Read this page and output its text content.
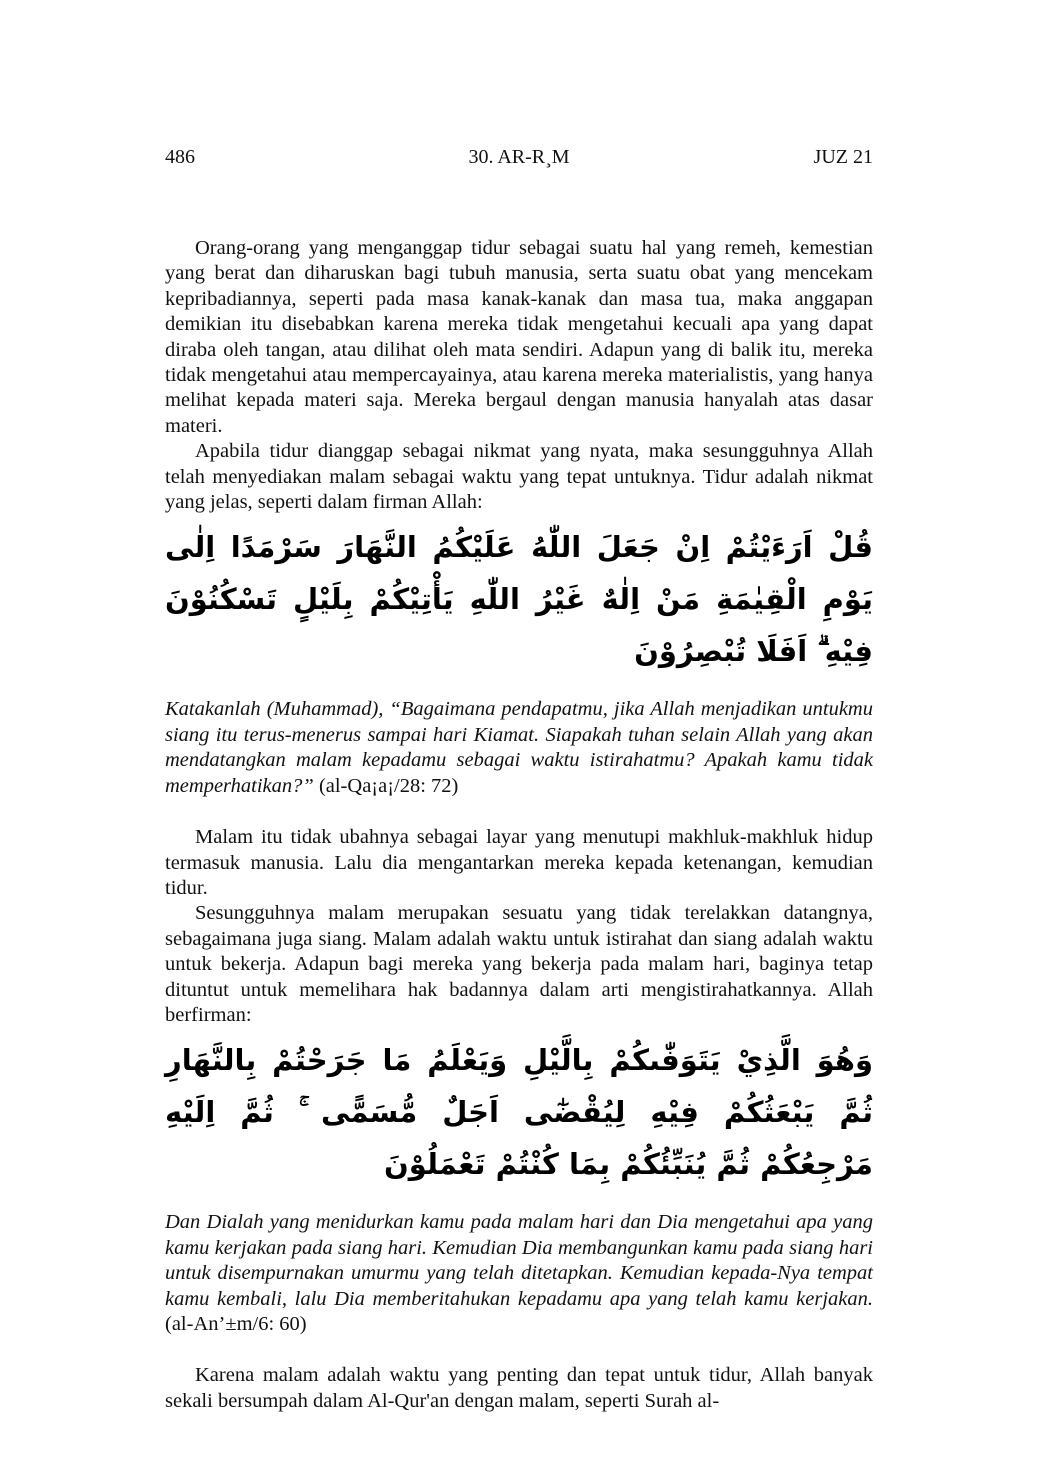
486	30. AR-R¸M	JUZ 21

Orang-orang yang menganggap tidur sebagai suatu hal yang remeh, kemestian yang berat dan diharuskan bagi tubuh manusia, serta suatu obat yang mencekam kepribadiannya, seperti pada masa kanak-kanak dan masa tua, maka anggapan demikian itu disebabkan karena mereka tidak mengetahui kecuali apa yang dapat diraba oleh tangan, atau dilihat oleh mata sendiri. Adapun yang di balik itu, mereka tidak mengetahui atau mempercayainya, atau karena mereka materialistis, yang hanya melihat kepada materi saja. Mereka bergaul dengan manusia hanyalah atas dasar materi.

Apabila tidur dianggap sebagai nikmat yang nyata, maka sesungguhnya Allah telah menyediakan malam sebagai waktu yang tepat untuknya. Tidur adalah nikmat yang jelas, seperti dalam firman Allah:

قُلْ اَرَءَيْتُمْ اِنْ جَعَلَ اللّٰهُ عَلَيْكُمُ النَّهَارَ سَرْمَدًا اِلٰى يَوْمِ الْقِيٰمَةِ مَنْ اِلٰهٌ غَيْرُ اللّٰهِ يَأْتِيْكُمْ بِلَيْلٍ تَسْكُنُوْنَ فِيْهِ ۗ اَفَلَا تُبْصِرُوْنَ

Katakanlah (Muhammad), “Bagaimana pendapatmu, jika Allah menjadikan untukmu siang itu terus-menerus sampai hari Kiamat. Siapakah tuhan selain Allah yang akan mendatangkan malam kepadamu sebagai waktu istirahatmu? Apakah kamu tidak memperhatikan?” (al-Qa¡a¡/28: 72)

Malam itu tidak ubahnya sebagai layar yang menutupi makhluk-makhluk hidup termasuk manusia. Lalu dia mengantarkan mereka kepada ketenangan, kemudian tidur.

Sesungguhnya malam merupakan sesuatu yang tidak terelakkan datangnya, sebagaimana juga siang. Malam adalah waktu untuk istirahat dan siang adalah waktu untuk bekerja. Adapun bagi mereka yang bekerja pada malam hari, baginya tetap dituntut untuk memelihara hak badannya dalam arti mengistirahatkannya. Allah berfirman:

وَهُوَ الَّذِيْ يَتَوَفّٰىكُمْ بِالَّيْلِ وَيَعْلَمُ مَا جَرَحْتُمْ بِالنَّهَارِ ثُمَّ يَبْعَثُكُمْ فِيْهِ لِيُقْضٰٓى اَجَلٌ مُّسَمًّى ۚ ثُمَّ اِلَيْهِ مَرْجِعُكُمْ ثُمَّ يُنَبِّئُكُمْ بِمَا كُنْتُمْ تَعْمَلُوْنَ

Dan Dialah yang menidurkan kamu pada malam hari dan Dia mengetahui apa yang kamu kerjakan pada siang hari. Kemudian Dia membangunkan kamu pada siang hari untuk disempurnakan umurmu yang telah ditetapkan. Kemudian kepada-Nya tempat kamu kembali, lalu Dia memberitahukan kepadamu apa yang telah kamu kerjakan. (al-An’±m/6: 60)

Karena malam adalah waktu yang penting dan tepat untuk tidur, Allah banyak sekali bersumpah dalam Al-Qur'an dengan malam, seperti Surah al-
